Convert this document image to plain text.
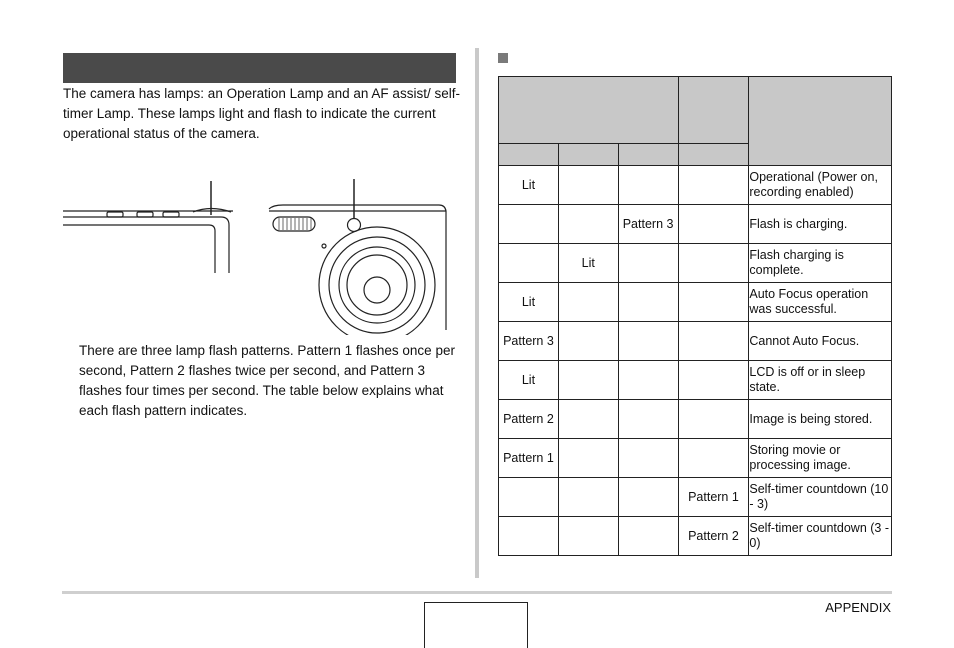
The camera has lamps: an Operation Lamp and an AF assist/ self-timer Lamp. These lamps light and flash to indicate the current operational status of the camera.

There are three lamp flash patterns. Pattern 1 flashes once per second, Pattern 2 flashes twice per second, and Pattern 3 flashes four times per second. The table below explains what each flash pattern indicates.

Lit				Operational (Power on, recording enabled)
		Pattern 3		Flash is charging.
	Lit			Flash charging is complete.
Lit				Auto Focus operation was successful.
Pattern 3				Cannot Auto Focus.
Lit				LCD is off or in sleep state.
Pattern 2				Image is being stored.
Pattern 1				Storing movie or processing image.
			Pattern 1	Self-timer countdown (10 - 3)
			Pattern 2	Self-timer countdown (3 - 0)
APPENDIX
